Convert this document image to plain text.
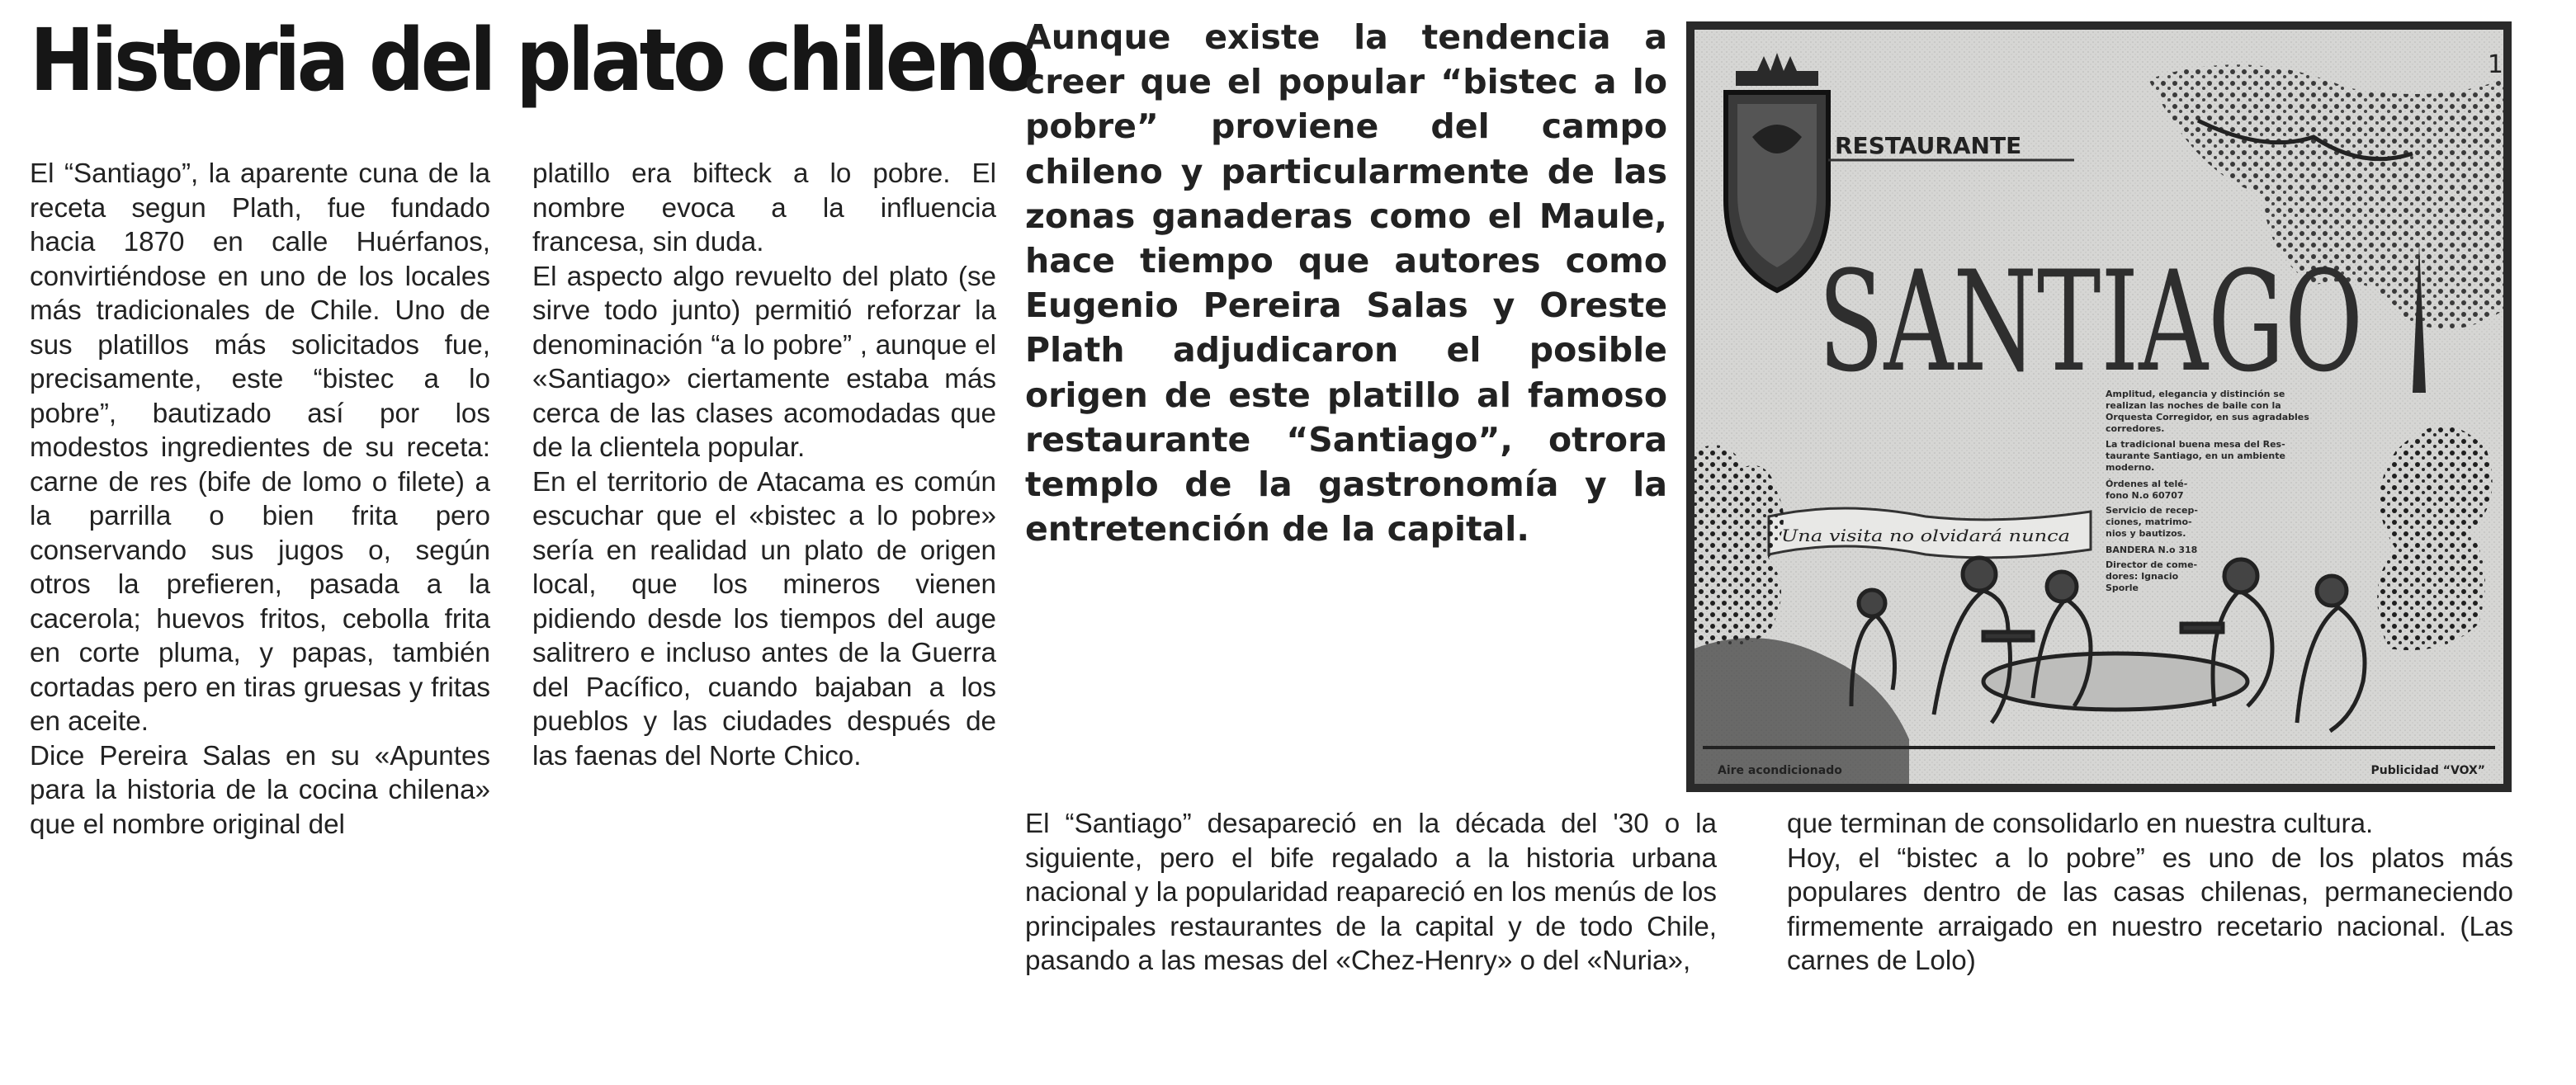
Historia del plato chileno

El “Santiago”, la aparente cuna de la receta segun Plath, fue fundado hacia 1870 en calle Huérfanos, convirtiéndose en uno de los locales más tradicionales de Chile. Uno de sus platillos más solicitados fue, precisamente, este “bistec a lo pobre”, bautizado así por los modestos ingredientes de su receta: carne de res (bife de lomo o filete) a la parrilla o bien frita pero conservando sus jugos o, según otros la prefieren, pasada a la cacerola; huevos fritos, cebolla frita en corte pluma, y papas, también cortadas pero en tiras gruesas y fritas en aceite.

Dice Pereira Salas en su «Apuntes para la historia de la cocina chilena» que el nombre original del

platillo era bifteck a lo pobre. El nombre evoca a la influencia francesa, sin duda.

El aspecto algo revuelto del plato (se sirve todo junto) permitió reforzar la denominación “a lo pobre” , aunque el «Santiago» ciertamente estaba más cerca de las clases acomodadas que de la clientela popular.

En el territorio de Atacama es común escuchar que el «bistec a lo pobre» sería en realidad un plato de origen local, que los mineros vienen pidiendo desde los tiempos del auge salitrero e incluso antes de la Guerra del Pacífico, cuando bajaban a los pueblos y las ciudades después de las faenas del Norte Chico.

Aunque existe la tendencia a creer que el popular “bistec a lo pobre” proviene del campo chileno y particularmente de las zonas ganaderas como el Maule, hace tiempo que autores como Eugenio Pereira Salas y Oreste Plath adjudicaron el posible origen de este platillo al famoso restaurante “Santiago”, otrora templo de la gastronomía y la entretención de la capital.
1
RESTAURANTE
SANTIAGO
Amplitud, elegancia y distinción se
realizan las noches de baile con la
Orquesta Corregidor, en sus agradables
corredores.
La tradicional buena mesa del Res-
taurante Santiago, en un ambiente
moderno.
Órdenes al telé-
fono N.o 60707
Servicio de recep-
ciones, matrimo-
nios y bautizos.
BANDERA N.o 318
Director de come-
dores: Ignacio
Sporle
Una visita no olvidará nunca
Aire acondicionado	Publicidad “VOX”

El “Santiago” desapareció en la década del '30 o la siguiente, pero el bife regalado a la historia urbana nacional y la popularidad reapareció en los menús de los principales restaurantes de la capital y de todo Chile, pasando a las mesas del «Chez-Henry» o del «Nuria»,

que terminan de consolidarlo en nuestra cultura.

Hoy, el “bistec a lo pobre” es uno de los platos más populares dentro de las casas chilenas, permaneciendo firmemente arraigado en nuestro recetario nacional. (Las carnes de Lolo)
